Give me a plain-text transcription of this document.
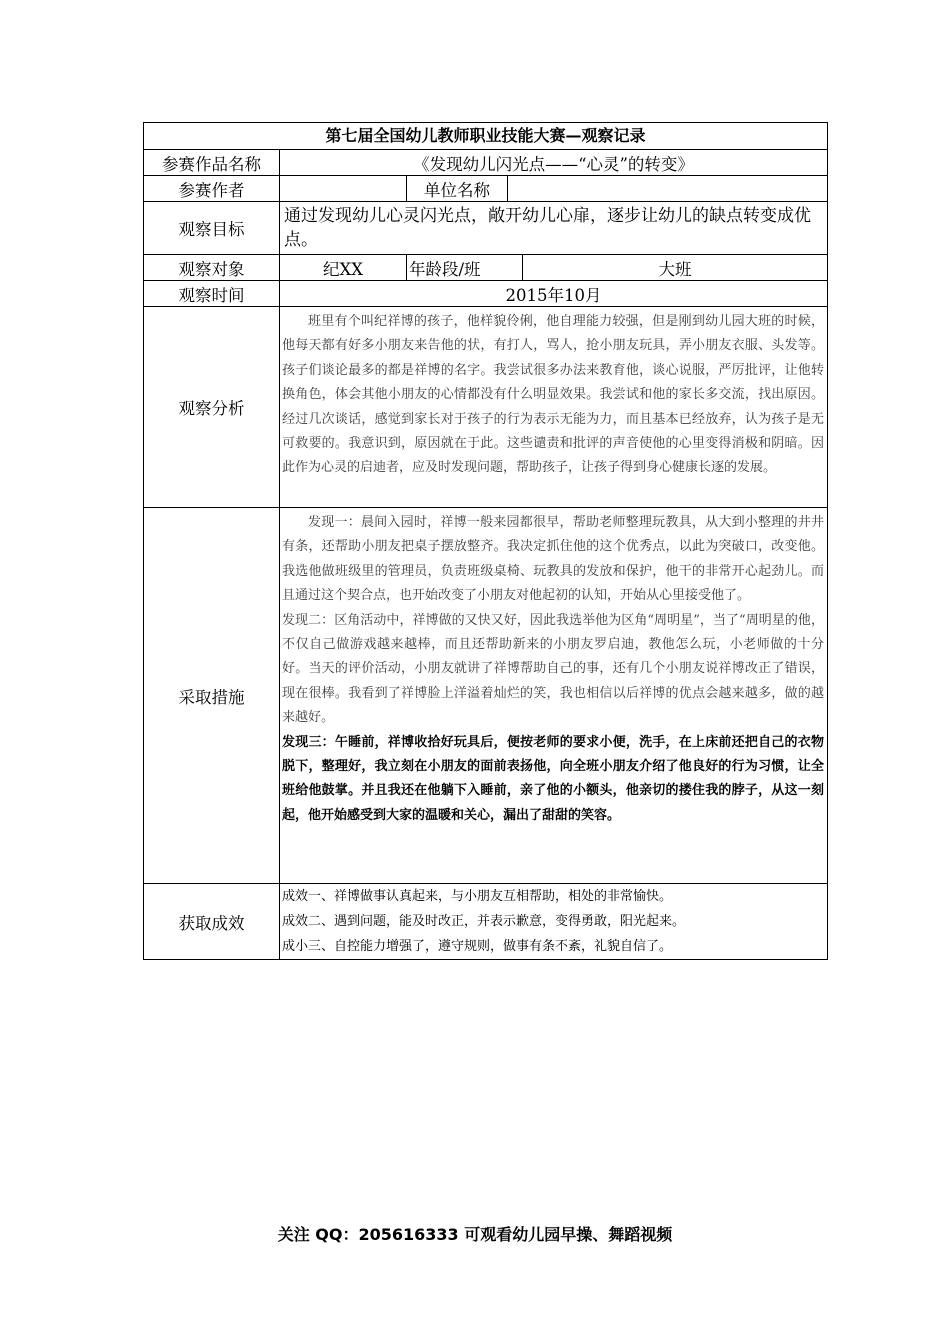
第七届全国幼儿教师职业技能大赛—观察记录				
参赛作品名称	《发现幼儿闪光点——“心灵”的转变》			
参赛作者		单位名称		
观察目标	通过发现幼儿心灵闪光点，敞开幼儿心扉，逐步让幼儿的缺点转变成优点。			
观察对象	纪XX	年龄段/班		大班
观察时间	2015年10月			
观察分析	班里有个叫纪祥博的孩子，他样貌伶俐，他自理能力较强，但是刚到幼儿园大班的时候，他每天都有好多小朋友来告他的状，有打人，骂人，抢小朋友玩具，弄小朋友衣服、头发等。孩子们谈论最多的都是祥博的名字。我尝试很多办法来教育他，谈心说服，严厉批评，让他转换角色，体会其他小朋友的心情都没有什么明显效果。我尝试和他的家长多交流，找出原因。经过几次谈话，感觉到家长对于孩子的行为表示无能为力，而且基本已经放弃，认为孩子是无可救要的。我意识到，原因就在于此。这些谴责和批评的声音使他的心里变得消极和阴暗。因此作为心灵的启迪者，应及时发现问题，帮助孩子，让孩子得到身心健康长逐的发展。			

采取措施	发现一：晨间入园时，祥博一般来园都很早，帮助老师整理玩教具，从大到小整理的井井有条，还帮助小朋友把桌子摆放整齐。我决定抓住他的这个优秀点，以此为突破口，改变他。我选他做班级里的管理员，负责班级桌椅、玩教具的发放和保护，他干的非常开心起劲儿。而且通过这个契合点，也开始改变了小朋友对他起初的认知，开始从心里接受他了。

发现二：区角活动中，祥博做的又快又好，因此我选举他为区角“周明星”，当了“周明星的他，不仅自己做游戏越来越棒，而且还帮助新来的小朋友罗启迪，教他怎么玩，小老师做的十分好。当天的评价活动，小朋友就讲了祥博帮助自己的事，还有几个小朋友说祥博改正了错误，现在很棒。我看到了祥博脸上洋溢着灿烂的笑，我也相信以后祥博的优点会越来越多，做的越来越好。

发现三：午睡前，祥博收拾好玩具后，便按老师的要求小便，洗手，在上床前还把自己的衣物脱下，整理好，我立刻在小朋友的面前表扬他，向全班小朋友介绍了他良好的行为习惯，让全班给他鼓掌。并且我还在他躺下入睡前，亲了他的小额头，他亲切的搂住我的脖子，从这一刻起，他开始感受到大家的温暖和关心，漏出了甜甜的笑容。			

获取成效	成效一、祥博做事认真起来，与小朋友互相帮助，相处的非常愉快。
成效二、遇到问题，能及时改正，并表示歉意，变得勇敢，阳光起来。
成小三、自控能力增强了，遵守规则，做事有条不紊，礼貌自信了。			
关注 QQ：205616333 可观看幼儿园早操、舞蹈视频
